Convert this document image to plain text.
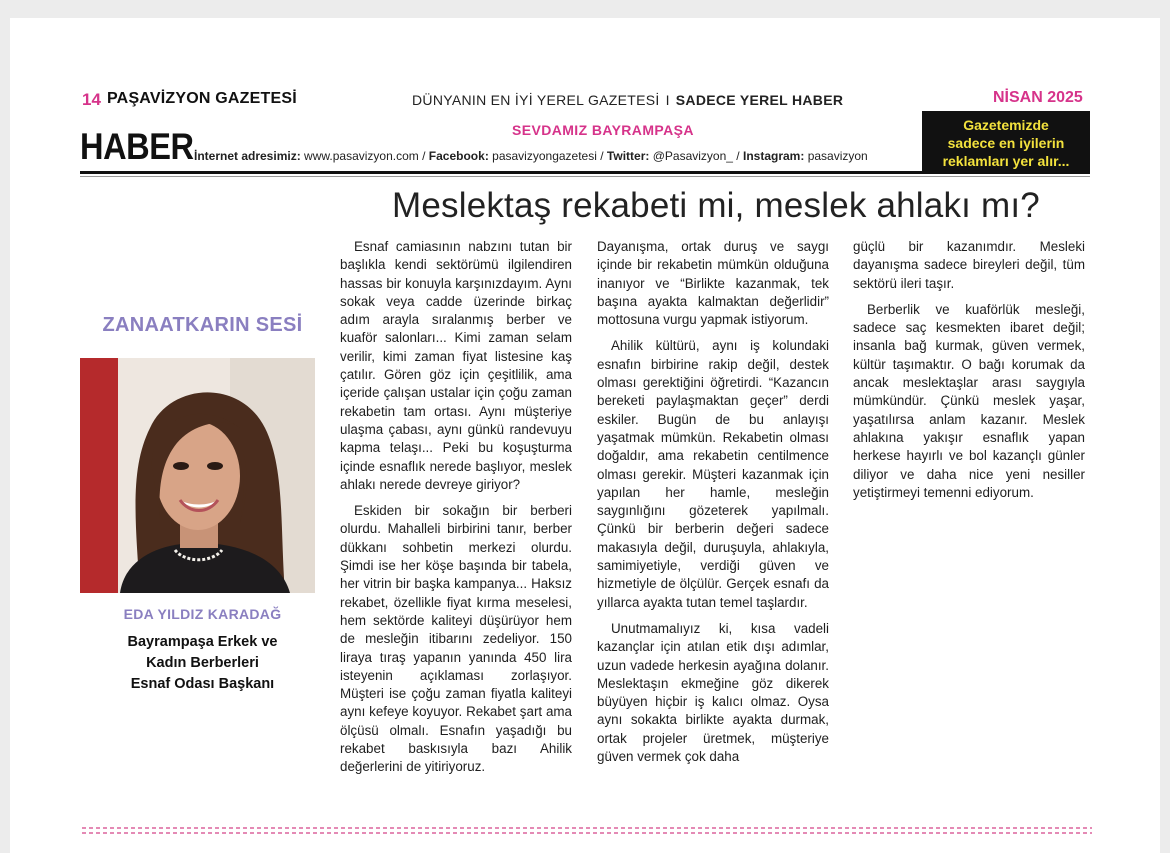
14 PAŞAVİZYON GAZETESİ	DÜNYANIN EN İYİ YEREL GAZETESİ I SADECE YEREL HABER	NİSAN 2025
HABER	SEVDAMIZ BAYRAMPAŞA
İnternet adresimiz: www.pasavizyon.com / Facebook: pasavizyongazetesi / Twitter: @Pasavizyon_ / Instagram: pasavizyon
Gazetemizde
sadece en iyilerin
reklamları yer alır...
Meslektaş rekabeti mi, meslek ahlakı mı?
ZANAATKARIN SESİ
EDA YILDIZ KARADAĞ
Bayrampaşa Erkek ve
Kadın Berberleri
Esnaf Odası Başkanı

Esnaf camiasının nabzını tutan bir başlıkla kendi sektörümü ilgilendiren hassas bir konuyla karşınızdayım. Aynı sokak veya cadde üzerinde birkaç adım arayla sıralanmış berber ve kuaför salonları... Kimi zaman selam verilir, kimi zaman fiyat listesine kaş çatılır. Gören göz için çeşitlilik, ama içeride çalışan ustalar için çoğu zaman rekabetin tam ortası. Aynı müşteriye ulaşma çabası, aynı günkü randevuyu kapma telaşı... Peki bu koşuşturma içinde esnaflık nerede başlıyor, meslek ahlakı nerede devreye giriyor?

Eskiden bir sokağın bir berberi olurdu. Mahalleli birbirini tanır, berber dükkanı sohbetin merkezi olurdu. Şimdi ise her köşe başında bir tabela, her vitrin bir başka kampanya... Haksız rekabet, özellikle fiyat kırma meselesi, hem sektörde kaliteyi düşürüyor hem de mesleğin itibarını zedeliyor. 150 liraya tıraş yapanın yanında 450 lira isteyenin açıklaması zorlaşıyor. Müşteri ise çoğu zaman fiyatla kaliteyi aynı kefeye koyuyor. Rekabet şart ama ölçüsü olmalı. Esnafın yaşadığı bu rekabet baskısıyla bazı Ahilik değerlerini de yitiriyoruz.

Dayanışma, ortak duruş ve saygı içinde bir rekabetin mümkün olduğuna inanıyor ve “Birlikte kazanmak, tek başına ayakta kalmaktan değerlidir” mottosuna vurgu yapmak istiyorum.

Ahilik kültürü, aynı iş kolundaki esnafın birbirine rakip değil, destek olması gerektiğini öğretirdi. “Kazancın bereketi paylaşmaktan geçer” derdi eskiler. Bugün de bu anlayışı yaşatmak mümkün. Rekabetin olması doğaldır, ama rekabetin centilmence olması gerekir. Müşteri kazanmak için yapılan her hamle, mesleğin saygınlığını gözeterek yapılmalı. Çünkü bir berberin değeri sadece makasıyla değil, duruşuyla, ahlakıyla, samimiyetiyle, verdiği güven ve hizmetiyle de ölçülür. Gerçek esnafı da yıllarca ayakta tutan temel taşlardır.

Unutmamalıyız ki, kısa vadeli kazançlar için atılan etik dışı adımlar, uzun vadede herkesin ayağına dolanır. Meslektaşın ekmeğine göz dikerek büyüyen hiçbir iş kalıcı olmaz. Oysa aynı sokakta birlikte ayakta durmak, ortak projeler üretmek, müşteriye güven vermek çok daha

güçlü bir kazanımdır. Mesleki dayanışma sadece bireyleri değil, tüm sektörü ileri taşır.

Berberlik ve kuaförlük mesleği, sadece saç kesmekten ibaret değil; insanla bağ kurmak, güven vermek, kültür taşımaktır. O bağı korumak da ancak meslektaşlar arası saygıyla mümkündür. Çünkü meslek yaşar, yaşatılırsa anlam kazanır. Meslek ahlakına yakışır esnaflık yapan herkese hayırlı ve bol kazançlı günler diliyor ve daha nice yeni nesiller yetiştirmeyi temenni ediyorum.
